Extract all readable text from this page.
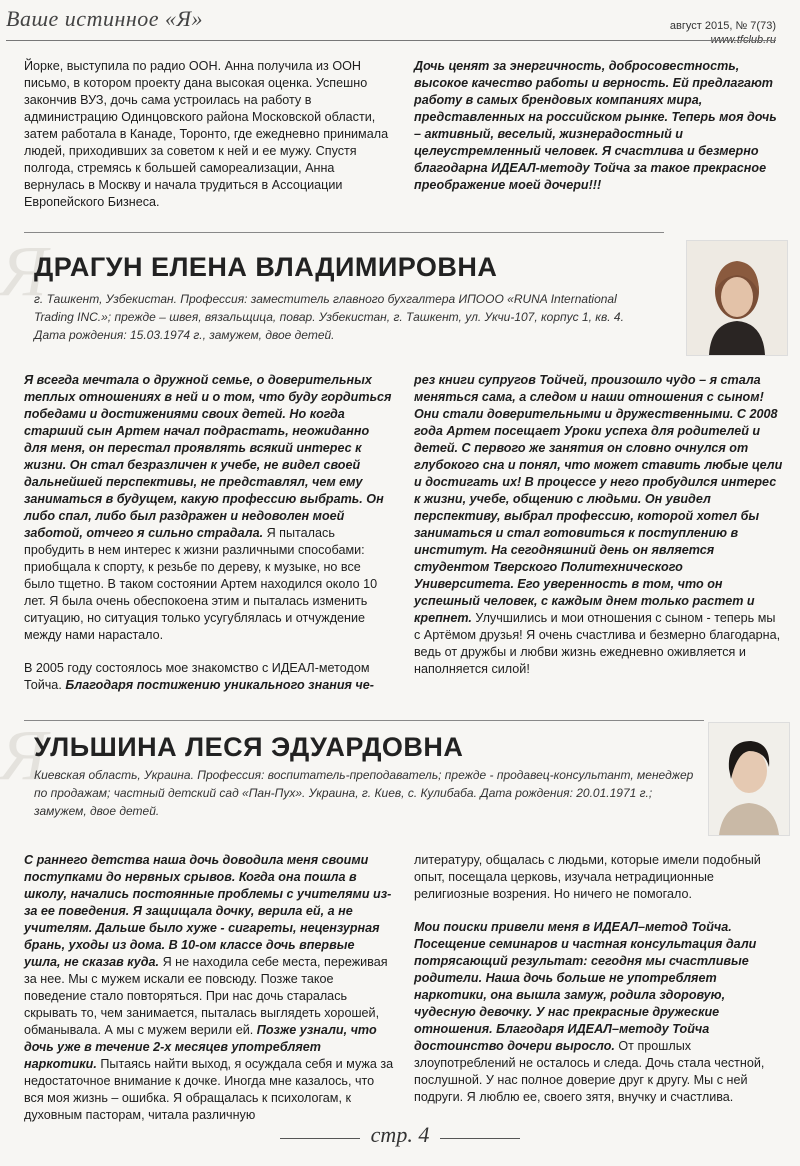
Ваше истинное «Я»	август 2015, № 7(73)
www.tfclub.ru

Йорке, выступила по радио ООН. Анна получила из ООН письмо, в котором проекту дана высокая оценка. Успешно закончив ВУЗ, дочь сама устроилась на работу в администрацию Одинцовского района Московской области, затем работала в Канаде, Торонто, где ежедневно принимала людей, приходивших за советом к ней и ее мужу. Спустя полгода, стремясь к большей самореализации, Анна вернулась в Москву и начала трудиться в Ассоциации Европейского Бизнеса.

Дочь ценят за энергичность, добросовестность, высокое качество работы и верность. Ей предлагают работу в самых брендовых компаниях мира, представленных на российском рынке. Теперь моя дочь – активный, веселый, жизнерадостный и целеустремленный человек. Я счастлива и безмерно благодарна ИДЕАЛ-методу Тойча за такое прекрасное преображение моей дочери!!!

Я
ДРАГУН ЕЛЕНА ВЛАДИМИРОВНА
г. Ташкент, Узбекистан. Профессия: заместитель главного бухгалтера ИПООО «RUNA International Trading INC.»; прежде – швея, вязальщица, повар. Узбекистан, г. Ташкент, ул. Укчи-107, корпус 1, кв. 4. Дата рождения: 15.03.1974 г., замужем, двое детей.

Я всегда мечтала о дружной семье, о доверительных теплых отношениях в ней и о том, что буду гордиться победами и достижениями своих детей. Но когда старший сын Артем начал подрастать, неожиданно для меня, он перестал проявлять всякий интерес к жизни. Он стал безразличен к учебе, не видел своей дальнейшей перспективы, не представлял, чем ему заниматься в будущем, какую профессию выбрать. Он либо спал, либо был раздражен и недоволен моей заботой, отчего я сильно страдала. Я пыталась пробудить в нем интерес к жизни различными способами: приобщала к спорту, к резьбе по дереву, к музыке, но все было тщетно. В таком состоянии Артем находился около 10 лет. Я была очень обеспокоена этим и пыталась изменить ситуацию, но ситуация только усугублялась и отчуждение между нами нарастало.

В 2005 году состоялось мое знакомство с ИДЕАЛ-методом Тойча. Благодаря постижению уникального знания че-

рез книги супругов Тойчей, произошло чудо – я стала меняться сама, а следом и наши отношения с сыном! Они стали доверительными и дружественными. С 2008 года Артем посещает Уроки успеха для родителей и детей. С первого же занятия он словно очнулся от глубокого сна и понял, что может ставить любые цели и достигать их! В процессе у него пробудился интерес к жизни, учебе, общению с людьми. Он увидел перспективу, выбрал профессию, которой хотел бы заниматься и стал готовиться к поступлению в институт. На сегодняшний день он является студентом Тверского Политехнического Университета. Его уверенность в том, что он успешный человек, с каждым днем только растет и крепнет. Улучшились и мои отношения с сыном - теперь мы с Артёмом друзья! Я очень счастлива и безмерно благодарна, ведь от дружбы и любви жизнь ежедневно оживляется и наполняется силой!

Я
УЛЬШИНА ЛЕСЯ ЭДУАРДОВНА
Киевская область, Украина. Профессия: воспитатель-преподаватель; прежде - продавец-консультант, менеджер по продажам; частный детский сад «Пан-Пух». Украина, г. Киев, с. Кулибаба. Дата рождения: 20.01.1971 г.; замужем, двое детей.

С раннего детства наша дочь доводила меня своими поступками до нервных срывов. Когда она пошла в школу, начались постоянные проблемы с учителями из-за ее поведения. Я защищала дочку, верила ей, а не учителям. Дальше было хуже - сигареты, нецензурная брань, уходы из дома. В 10-ом классе дочь впервые ушла, не сказав куда. Я не находила себе места, переживая за нее. Мы с мужем искали ее повсюду. Позже такое поведение стало повторяться. При нас дочь старалась скрывать то, чем занимается, пыталась выглядеть хорошей, обманывала. А мы с мужем верили ей. Позже узнали, что дочь уже в течение 2-х месяцев употребляет наркотики. Пытаясь найти выход, я осуждала себя и мужа за недостаточное внимание к дочке. Иногда мне казалось, что вся моя жизнь – ошибка. Я обращалась к психологам, к духовным пасторам, читала различную

литературу, общалась с людьми, которые имели подобный опыт, посещала церковь, изучала нетрадиционные религиозные возрения. Но ничего не помогало.

Мои поиски привели меня в ИДЕАЛ–метод Тойча. Посещение семинаров и частная консультация дали потрясающий результат: сегодня мы счастливые родители. Наша дочь больше не употребляет наркотики, она вышла замуж, родила здоровую, чудесную девочку. У нас прекрасные дружеские отношения. Благодаря ИДЕАЛ–методу Тойча достоинство дочери выросло. От прошлых злоупотреблений не осталось и следа. Дочь стала честной, послушной. У нас полное доверие друг к другу. Мы с ней подруги. Я люблю ее, своего зятя, внучку и счастлива.

стр. 4
